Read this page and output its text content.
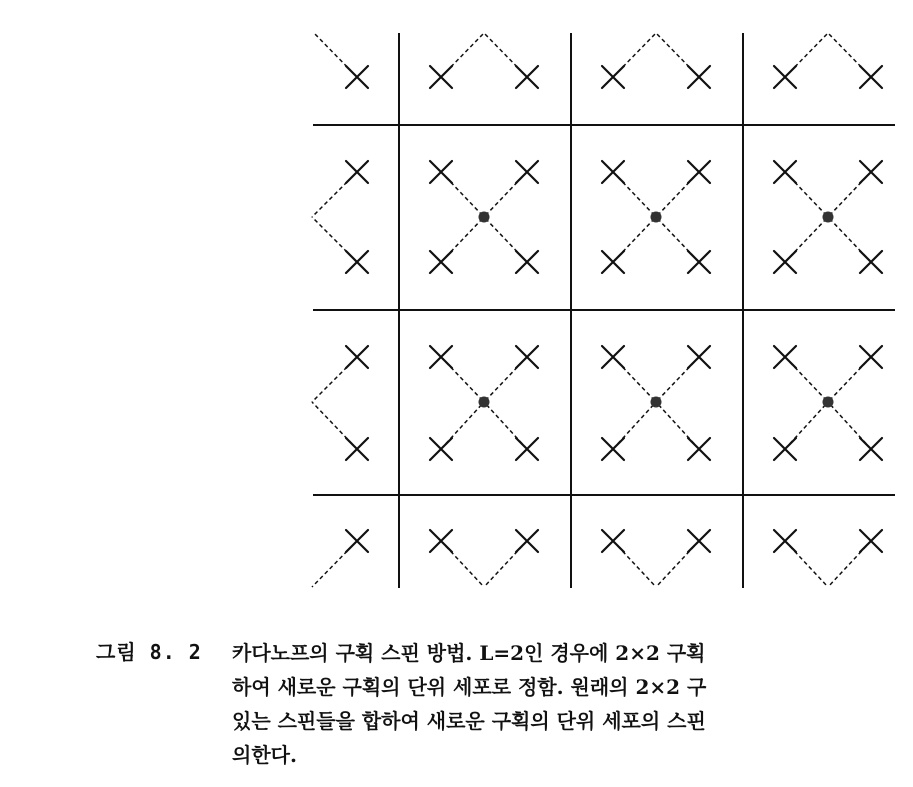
그림 8. 2 카다노프의 구획 스핀 방법. L=2인 경우에 2×2 구획
하여 새로운 구획의 단위 세포로 정함. 원래의 2×2 구
있는 스핀들을 합하여 새로운 구획의 단위 세포의 스핀
의한다.
